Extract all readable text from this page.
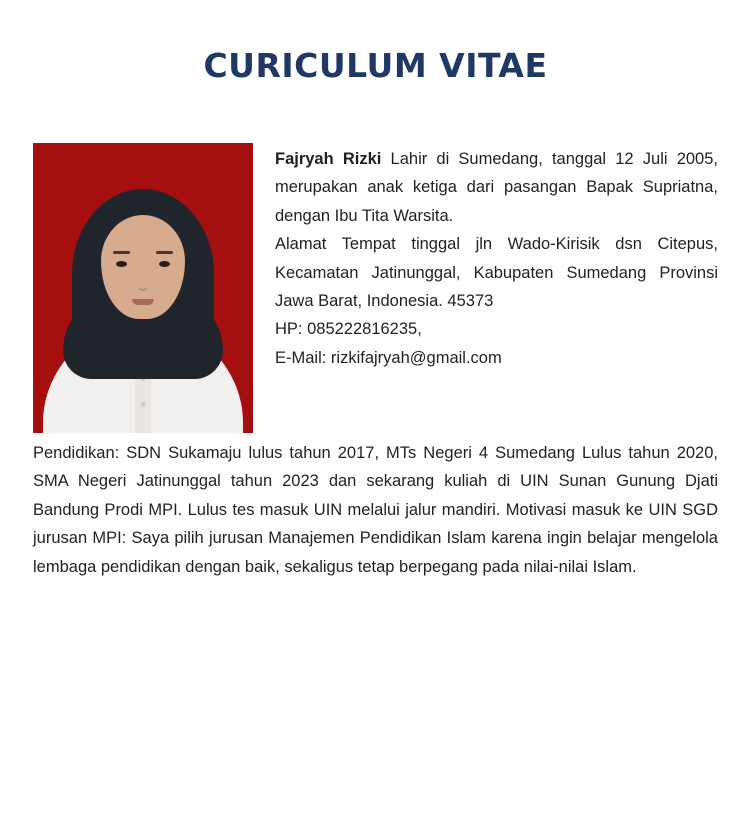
CURICULUM VITAE

Fajryah Rizki Lahir di Sumedang, tanggal 12 Juli 2005, merupakan anak ketiga dari pasangan Bapak Supriatna, dengan Ibu Tita Warsita.

Alamat Tempat tinggal jln Wado-Kirisik dsn Citepus, Kecamatan Jatinunggal, Kabupaten Sumedang Provinsi Jawa Barat, Indonesia. 45373

HP: 085222816235,

E-Mail: rizkifajryah@gmail.com

Pendidikan: SDN Sukamaju lulus tahun 2017, MTs Negeri 4 Sumedang Lulus tahun 2020, SMA Negeri Jatinunggal tahun 2023 dan sekarang kuliah di UIN Sunan Gunung Djati Bandung Prodi MPI. Lulus tes masuk UIN melalui jalur mandiri. Motivasi masuk ke UIN SGD jurusan MPI: Saya pilih jurusan Manajemen Pendidikan Islam karena ingin belajar mengelola lembaga pendidikan dengan baik, sekaligus tetap berpegang pada nilai-nilai Islam.
